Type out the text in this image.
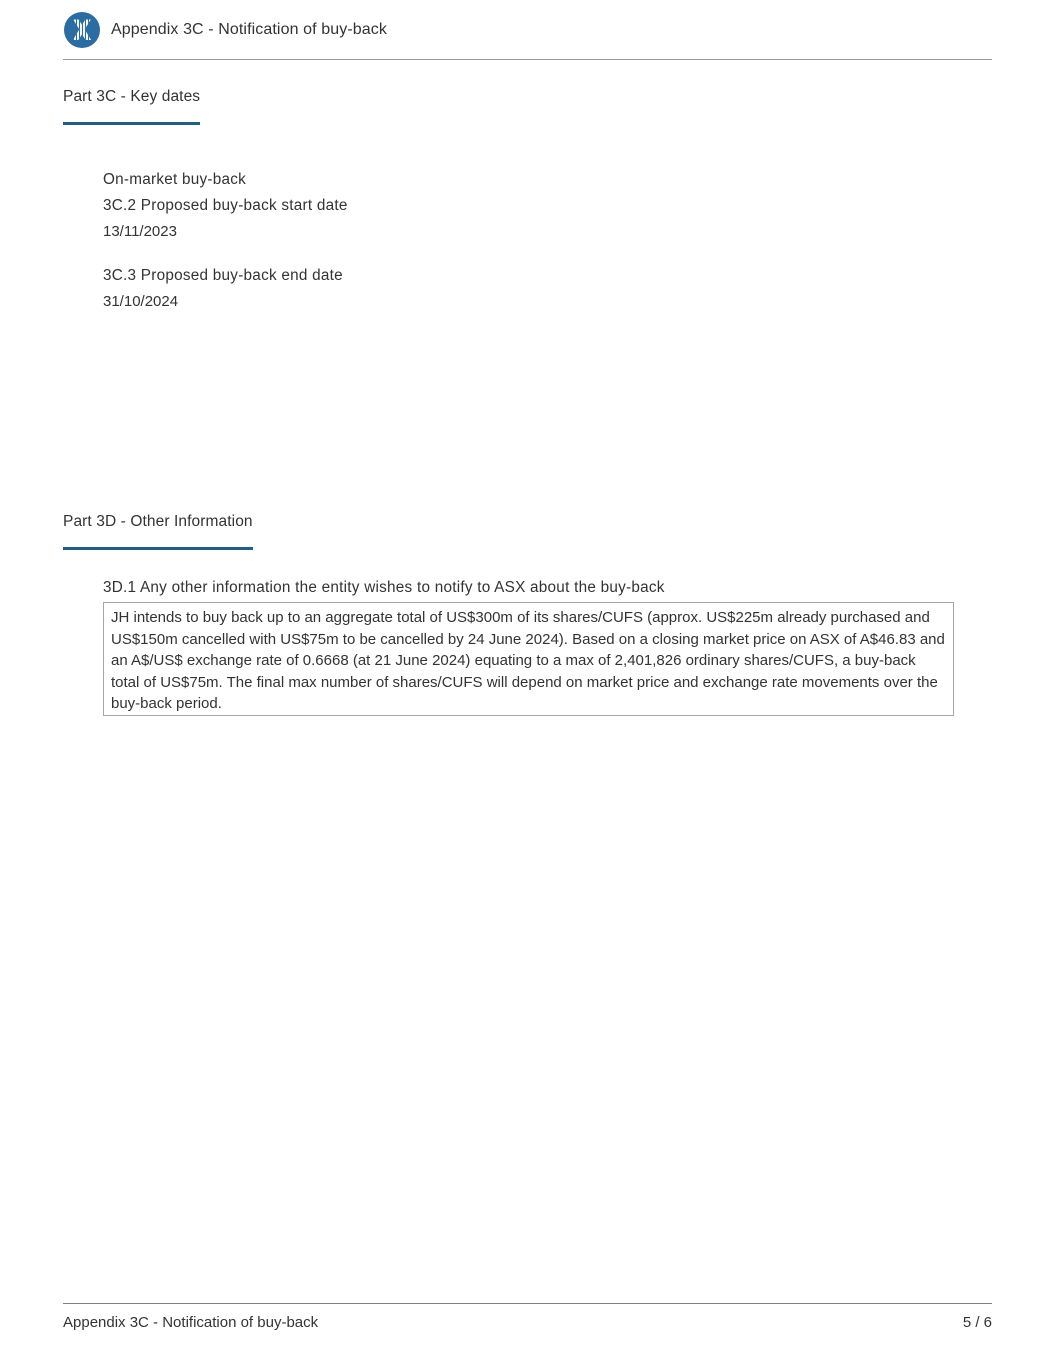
Appendix 3C - Notification of buy-back
Part 3C - Key dates
On-market buy-back
3C.2 Proposed buy-back start date
13/11/2023
3C.3 Proposed buy-back end date
31/10/2024
Part 3D - Other Information
3D.1 Any other information the entity wishes to notify to ASX about the buy-back
JH intends to buy back up to an aggregate total of US$300m of its shares/CUFS (approx. US$225m already purchased and US$150m cancelled with US$75m to be cancelled by 24 June 2024). Based on a closing market price on ASX of A$46.83 and an A$/US$ exchange rate of 0.6668 (at 21 June 2024) equating to a max of 2,401,826 ordinary shares/CUFS, a buy-back total of US$75m. The final max number of shares/CUFS will depend on market price and exchange rate movements over the buy-back period.
Appendix 3C - Notification of buy-back	5 / 6
